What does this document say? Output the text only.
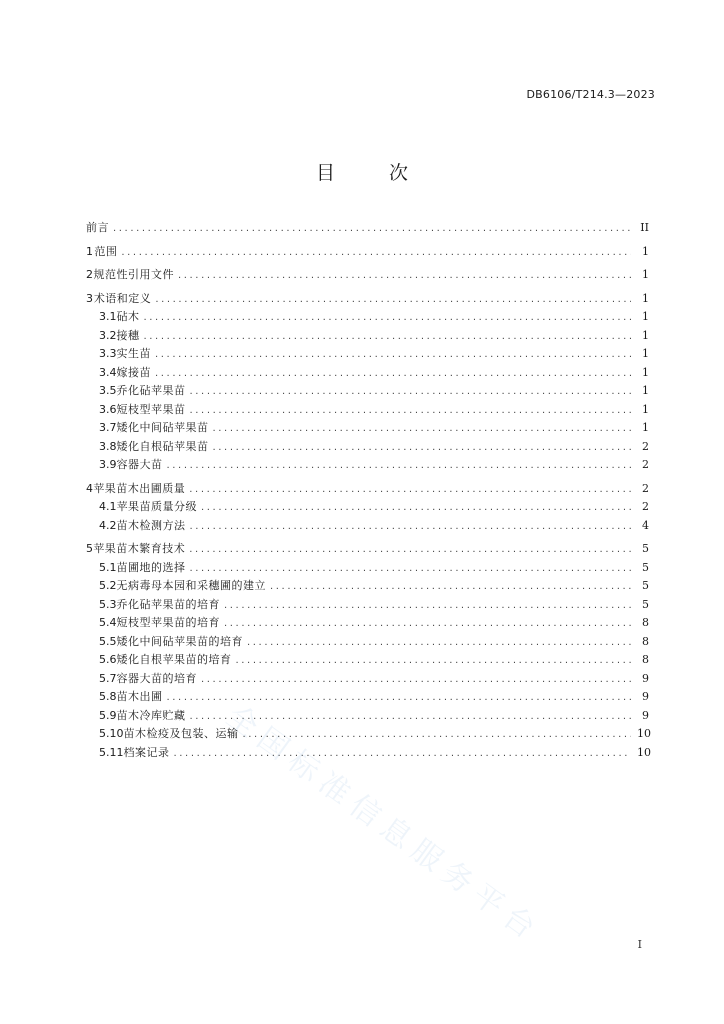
DB6106/T214.3—2023
目  次
前言 .....	II
1 范围 .....	1
2 规范性引用文件 .....	1
3 术语和定义 .....	1
3.1 砧木 .....	1
3.2 接穗 .....	1
3.3 实生苗 .....	1
3.4 嫁接苗 .....	1
3.5 乔化砧苹果苗 .....	1
3.6 短枝型苹果苗 .....	1
3.7 矮化中间砧苹果苗 .....	1
3.8 矮化自根砧苹果苗 .....	2
3.9 容器大苗 .....	2
4 苹果苗木出圃质量 .....	2
4.1 苹果苗质量分级 .....	2
4.2 苗木检测方法 .....	4
5 苹果苗木繁育技术 .....	5
5.1 苗圃地的选择 .....	5
5.2 无病毒母本园和采穗圃的建立 .....	5
5.3 乔化砧苹果苗的培育 .....	5
5.4 短枝型苹果苗的培育 .....	8
5.5 矮化中间砧苹果苗的培育 .....	8
5.6 矮化自根苹果苗的培育 .....	8
5.7 容器大苗的培育 .....	9
5.8 苗木出圃 .....	9
5.9 苗木冷库贮藏 .....	9
5.10 苗木检疫及包装、运输 .....	10
5.11 档案记录 .....	10
I
全国标准信息服务平台
